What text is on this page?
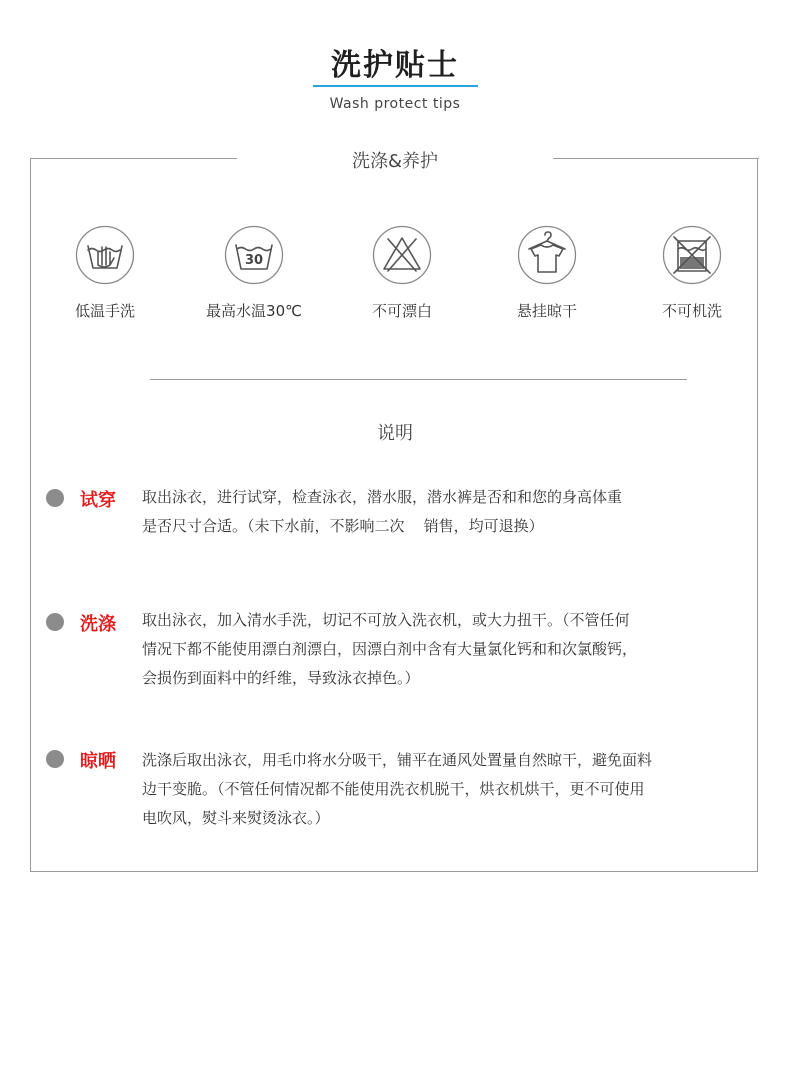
洗护贴士
Wash protect tips
洗涤&养护
低温手洗
30
最高水温30℃	不可漂白	悬挂晾干	不可机洗
说明
试穿 取出泳衣，进行试穿，检查泳衣，潜水服，潜水裤是否和和您的身高体重
是否尺寸合适。（未下水前，不影响二次    销售，均可退换）
洗涤 取出泳衣，加入清水手洗，切记不可放入洗衣机，或大力扭干。（不管任何
情况下都不能使用漂白剂漂白，因漂白剂中含有大量氯化钙和和次氯酸钙，
会损伤到面料中的纤维，导致泳衣掉色。）
晾晒 洗涤后取出泳衣，用毛巾将水分吸干，铺平在通风处置量自然晾干，避免面料
边干变脆。（不管任何情况都不能使用洗衣机脱干，烘衣机烘干，更不可使用
电吹风，熨斗来熨烫泳衣。）
